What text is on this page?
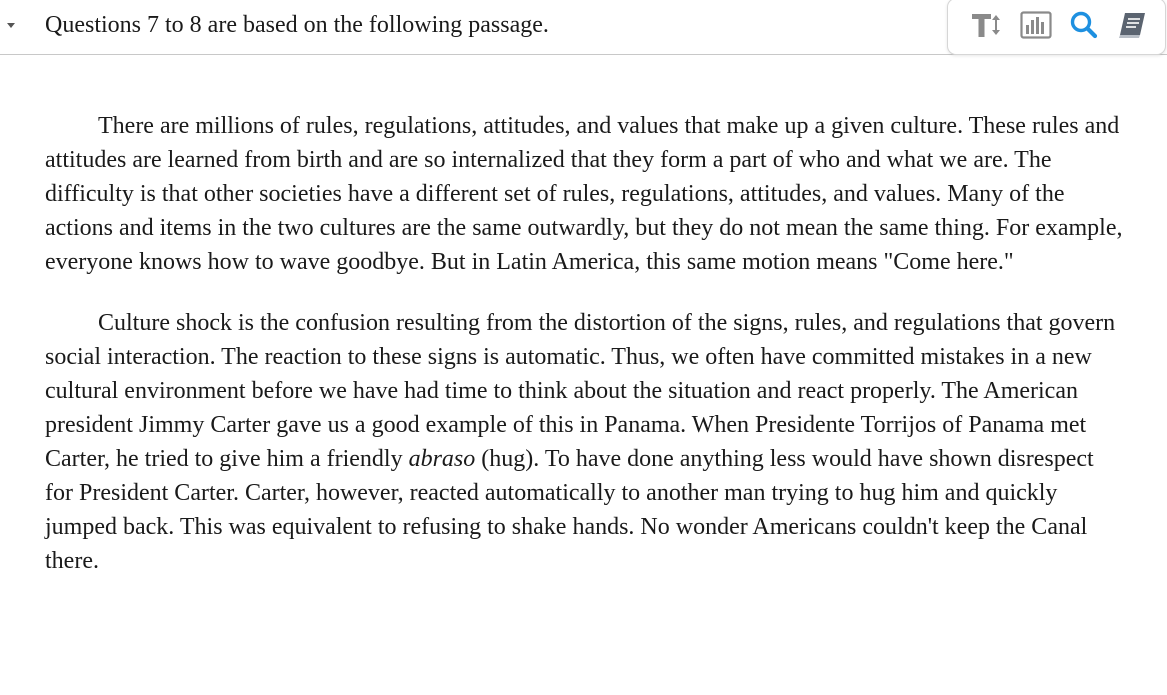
Questions 7 to 8 are based on the following passage.

There are millions of rules, regulations, attitudes, and values that make up a given culture. These rules and attitudes are learned from birth and are so internalized that they form a part of who and what we are. The difficulty is that other societies have a different set of rules, regulations, attitudes, and values. Many of the actions and items in the two cultures are the same outwardly, but they do not mean the same thing. For example, everyone knows how to wave goodbye. But in Latin America, this same motion means "Come here."

Culture shock is the confusion resulting from the distortion of the signs, rules, and regulations that govern social interaction. The reaction to these signs is automatic. Thus, we often have committed mistakes in a new cultural environment before we have had time to think about the situation and react properly. The American president Jimmy Carter gave us a good example of this in Panama. When Presidente Torrijos of Panama met Carter, he tried to give him a friendly abraso (hug). To have done anything less would have shown disrespect for President Carter. Carter, however, reacted automatically to another man trying to hug him and quickly jumped back. This was equivalent to refusing to shake hands. No wonder Americans couldn't keep the Canal there.
